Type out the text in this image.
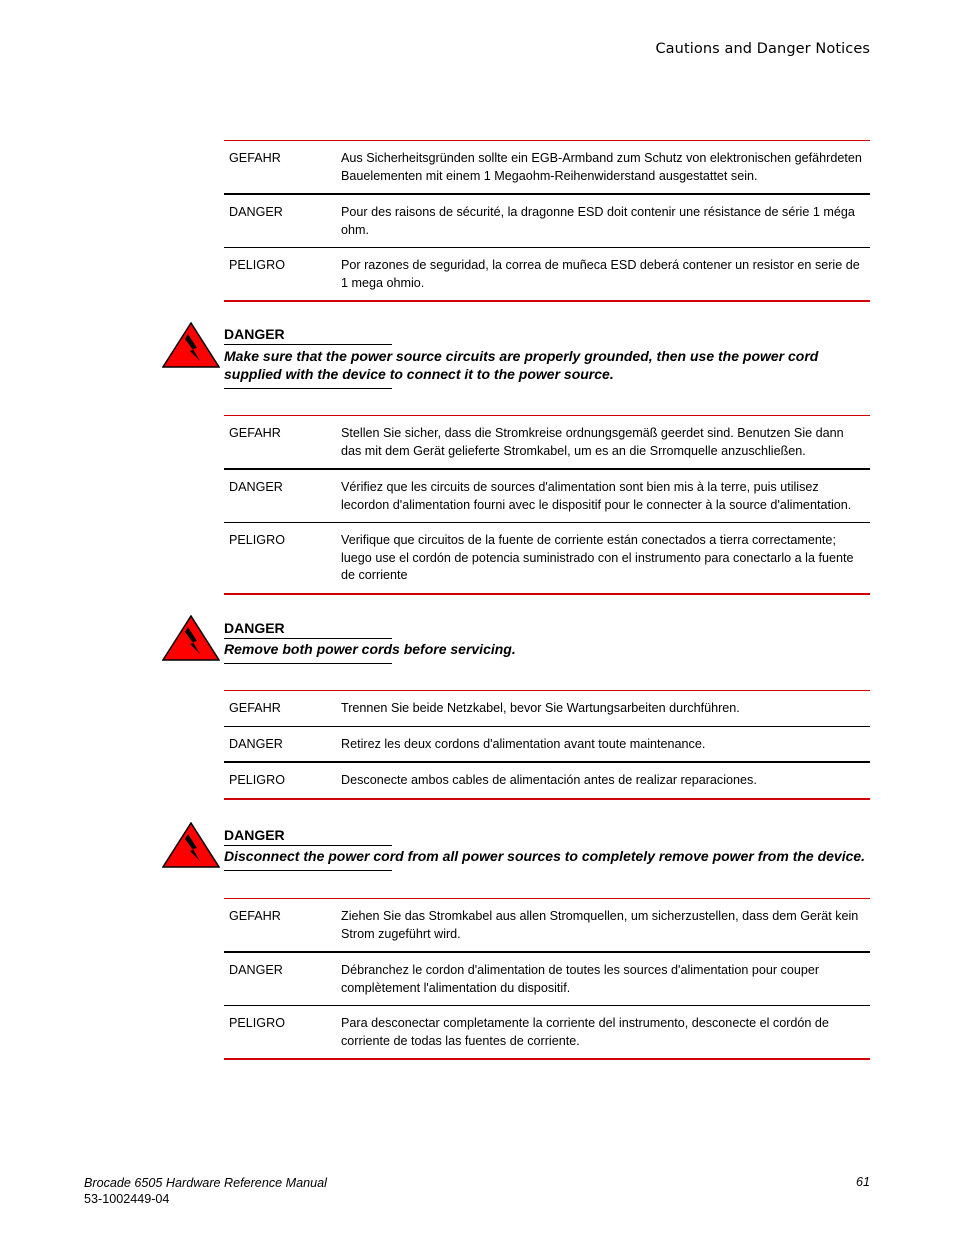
Cautions and Danger Notices
GEFAHR	Aus Sicherheitsgründen sollte ein EGB-Armband zum Schutz von elektronischen gefährdeten Bauelementen mit einem 1 Megaohm-Reihenwiderstand ausgestattet sein.
DANGER	Pour des raisons de sécurité, la dragonne ESD doit contenir une résistance de série 1 méga ohm.
PELIGRO	Por razones de seguridad, la correa de muñeca ESD deberá contener un resistor en serie de 1 mega ohmio.
DANGER
Make sure that the power source circuits are properly grounded, then use the power cord supplied with the device to connect it to the power source.
GEFAHR	Stellen Sie sicher, dass die Stromkreise ordnungsgemäß geerdet sind. Benutzen Sie dann das mit dem Gerät gelieferte Stromkabel, um es an die Srromquelle anzuschließen.
DANGER	Vérifiez que les circuits de sources d'alimentation sont bien mis à la terre, puis utilisez lecordon d'alimentation fourni avec le dispositif pour le connecter à la source d'alimentation.
PELIGRO	Verifique que circuitos de la fuente de corriente están conectados a tierra correctamente; luego use el cordón de potencia suministrado con el instrumento para conectarlo a la fuente de corriente
DANGER
Remove both power cords before servicing.
GEFAHR	Trennen Sie beide Netzkabel, bevor Sie Wartungsarbeiten durchführen.
DANGER	Retirez les deux cordons d'alimentation avant toute maintenance.
PELIGRO	Desconecte ambos cables de alimentación antes de realizar reparaciones.
DANGER
Disconnect the power cord from all power sources to completely remove power from the device.
GEFAHR	Ziehen Sie das Stromkabel aus allen Stromquellen, um sicherzustellen, dass dem Gerät kein Strom zugeführt wird.
DANGER	Débranchez le cordon d'alimentation de toutes les sources d'alimentation pour couper complètement l'alimentation du dispositif.
PELIGRO	Para desconectar completamente la corriente del instrumento, desconecte el cordón de corriente de todas las fuentes de corriente.
Brocade 6505 Hardware Reference Manual
53-1002449-04
61
